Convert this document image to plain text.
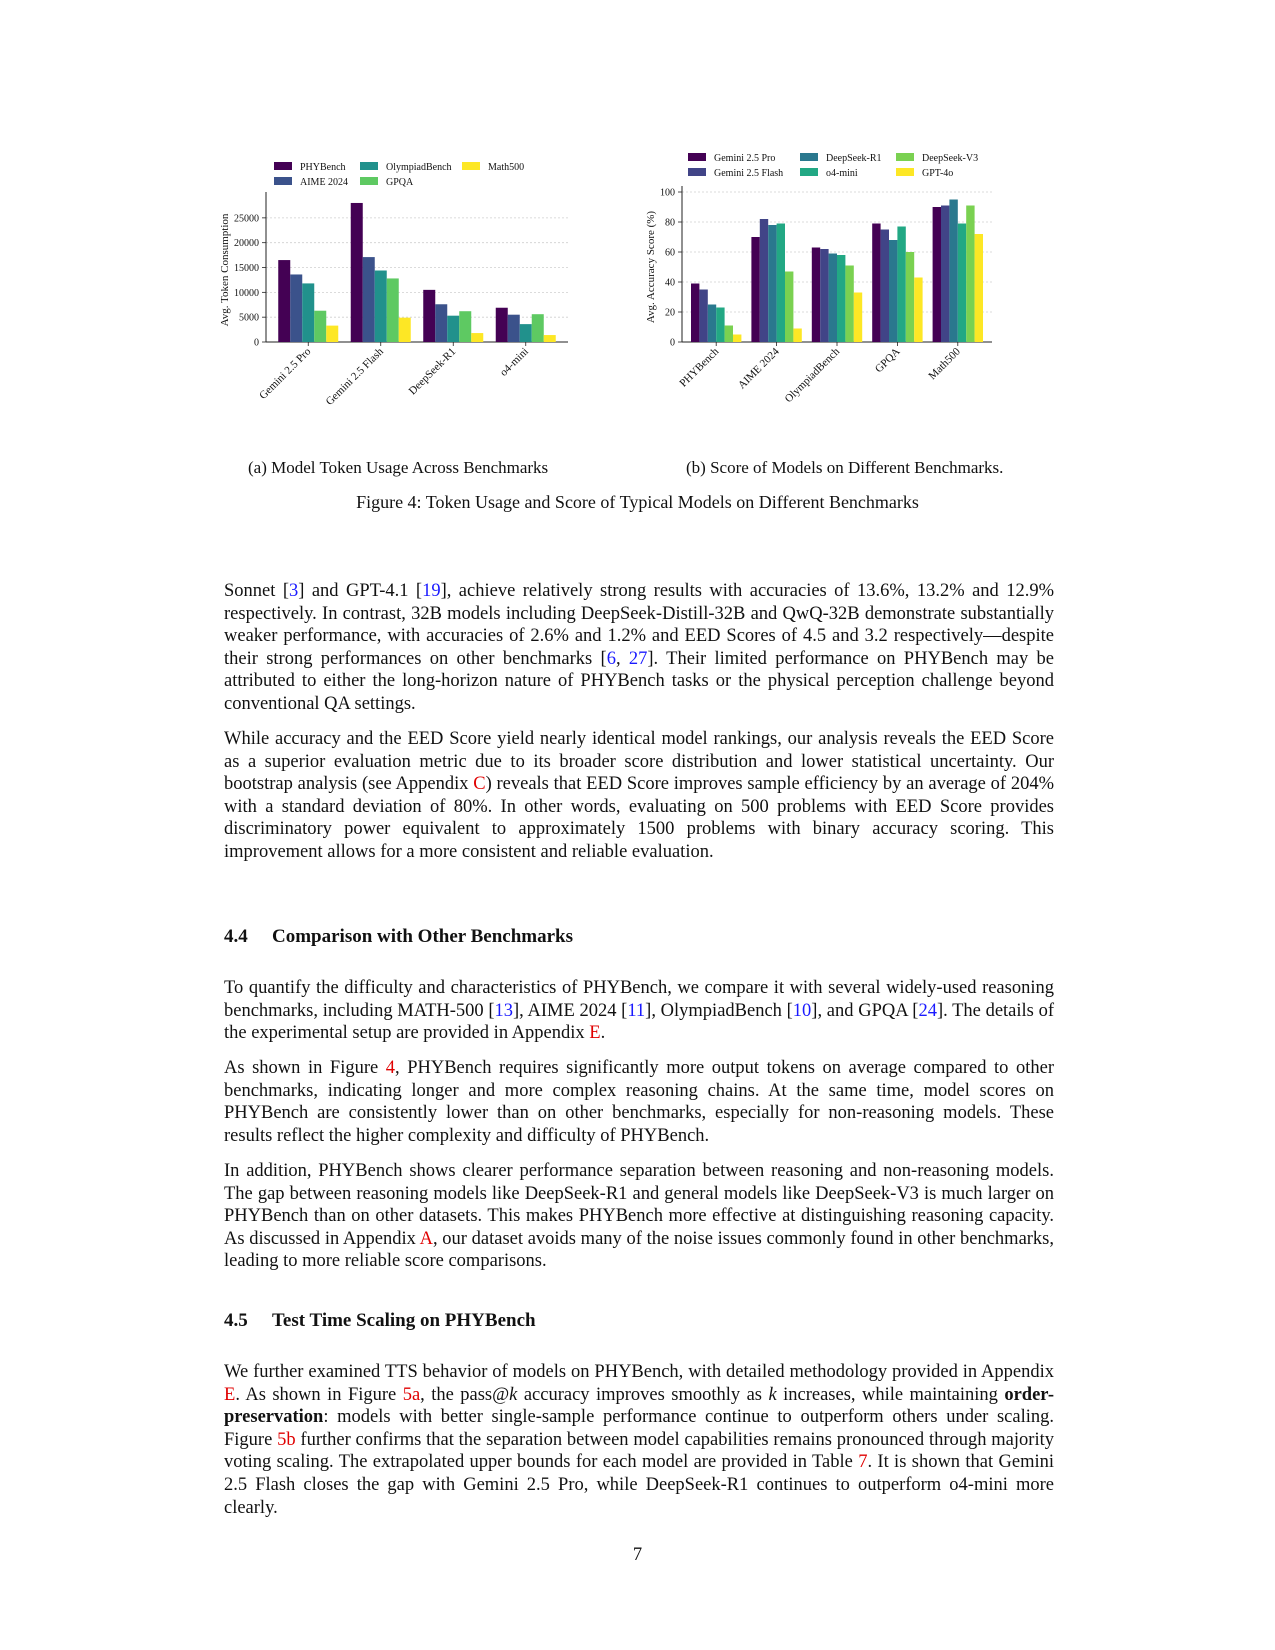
PHYBench
AIME 2024
OlympiadBench
GPQA
Math500
0
5000
10000
15000
20000
25000
Avg. Token Consumption
Gemini 2.5 Pro Gemini 2.5 Flash DeepSeek-R1	o4-mini
Gemini 2.5 Pro
Gemini 2.5 Flash
DeepSeek-R1
o4-mini
DeepSeek-V3
GPT-4o
0
20
40
60
80
100
Avg. Accuracy Score (%)
PHYBench AIME 2024 OlympiadBench	GPQA Math500
(a) Model Token Usage Across Benchmarks	(b) Score of Models on Different Benchmarks.
Figure 4: Token Usage and Score of Typical Models on Different Benchmarks

Sonnet [3] and GPT-4.1 [19], achieve relatively strong results with accuracies of 13.6%, 13.2% and 12.9% respectively. In contrast, 32B models including DeepSeek-Distill-32B and QwQ-32B demonstrate substantially weaker performance, with accuracies of 2.6% and 1.2% and EED Scores of 4.5 and 3.2 respectively—despite their strong performances on other benchmarks [6, 27]. Their limited performance on PHYBench may be attributed to either the long-horizon nature of PHYBench tasks or the physical perception challenge beyond conventional QA settings.

While accuracy and the EED Score yield nearly identical model rankings, our analysis reveals the EED Score as a superior evaluation metric due to its broader score distribution and lower statistical uncertainty. Our bootstrap analysis (see Appendix C) reveals that EED Score improves sample efficiency by an average of 204% with a standard deviation of 80%. In other words, evaluating on 500 problems with EED Score provides discriminatory power equivalent to approximately 1500 problems with binary accuracy scoring. This improvement allows for a more consistent and reliable evaluation.

4.4 Comparison with Other Benchmarks

To quantify the difficulty and characteristics of PHYBench, we compare it with several widely-used reasoning benchmarks, including MATH-500 [13], AIME 2024 [11], OlympiadBench [10], and GPQA [24]. The details of the experimental setup are provided in Appendix E.

As shown in Figure 4, PHYBench requires significantly more output tokens on average compared to other benchmarks, indicating longer and more complex reasoning chains. At the same time, model scores on PHYBench are consistently lower than on other benchmarks, especially for non-reasoning models. These results reflect the higher complexity and difficulty of PHYBench.

In addition, PHYBench shows clearer performance separation between reasoning and non-reasoning models. The gap between reasoning models like DeepSeek-R1 and general models like DeepSeek-V3 is much larger on PHYBench than on other datasets. This makes PHYBench more effective at distinguishing reasoning capacity. As discussed in Appendix A, our dataset avoids many of the noise issues commonly found in other benchmarks, leading to more reliable score comparisons.

4.5 Test Time Scaling on PHYBench

We further examined TTS behavior of models on PHYBench, with detailed methodology provided in Appendix E. As shown in Figure 5a, the pass@k accuracy improves smoothly as k increases, while maintaining order-preservation: models with better single-sample performance continue to outperform others under scaling. Figure 5b further confirms that the separation between model capabilities remains pronounced through majority voting scaling. The extrapolated upper bounds for each model are provided in Table 7. It is shown that Gemini 2.5 Flash closes the gap with Gemini 2.5 Pro, while DeepSeek-R1 continues to outperform o4-mini more clearly.

7
